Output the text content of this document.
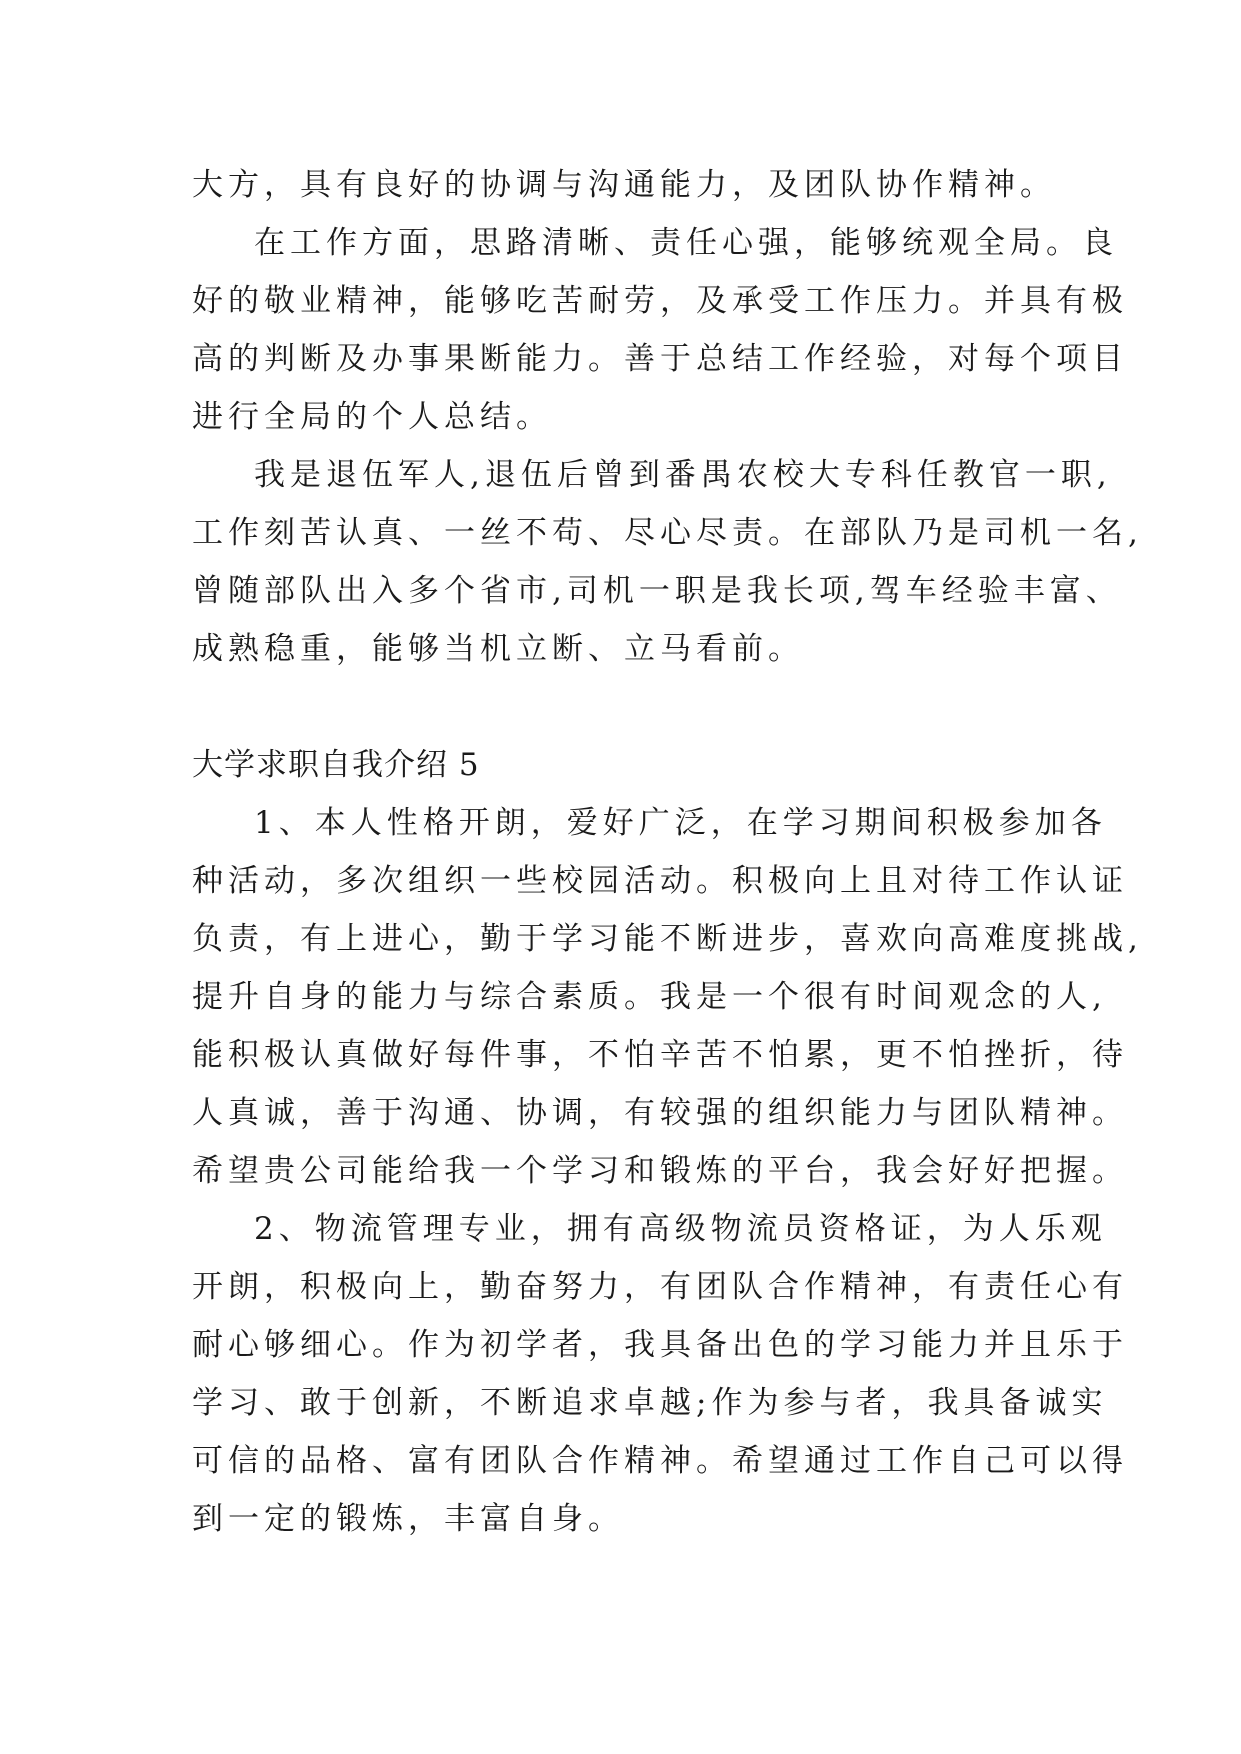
大方，具有良好的协调与沟通能力，及团队协作精神。
在工作方面，思路清晰、责任心强，能够统观全局。良
好的敬业精神，能够吃苦耐劳，及承受工作压力。并具有极
高的判断及办事果断能力。善于总结工作经验，对每个项目
进行全局的个人总结。
我是退伍军人,退伍后曾到番禺农校大专科任教官一职,
工作刻苦认真、一丝不苟、尽心尽责。在部队乃是司机一名,
曾随部队出入多个省市,司机一职是我长项,驾车经验丰富、
成熟稳重，能够当机立断、立马看前。
大学求职自我介绍 5
1、本人性格开朗，爱好广泛，在学习期间积极参加各
种活动，多次组织一些校园活动。积极向上且对待工作认证
负责，有上进心，勤于学习能不断进步，喜欢向高难度挑战,
提升自身的能力与综合素质。我是一个很有时间观念的人,
能积极认真做好每件事，不怕辛苦不怕累，更不怕挫折，待
人真诚，善于沟通、协调，有较强的组织能力与团队精神。
希望贵公司能给我一个学习和锻炼的平台，我会好好把握。
2、物流管理专业，拥有高级物流员资格证，为人乐观
开朗，积极向上，勤奋努力，有团队合作精神，有责任心有
耐心够细心。作为初学者，我具备出色的学习能力并且乐于
学习、敢于创新，不断追求卓越;作为参与者，我具备诚实
可信的品格、富有团队合作精神。希望通过工作自己可以得
到一定的锻炼，丰富自身。
